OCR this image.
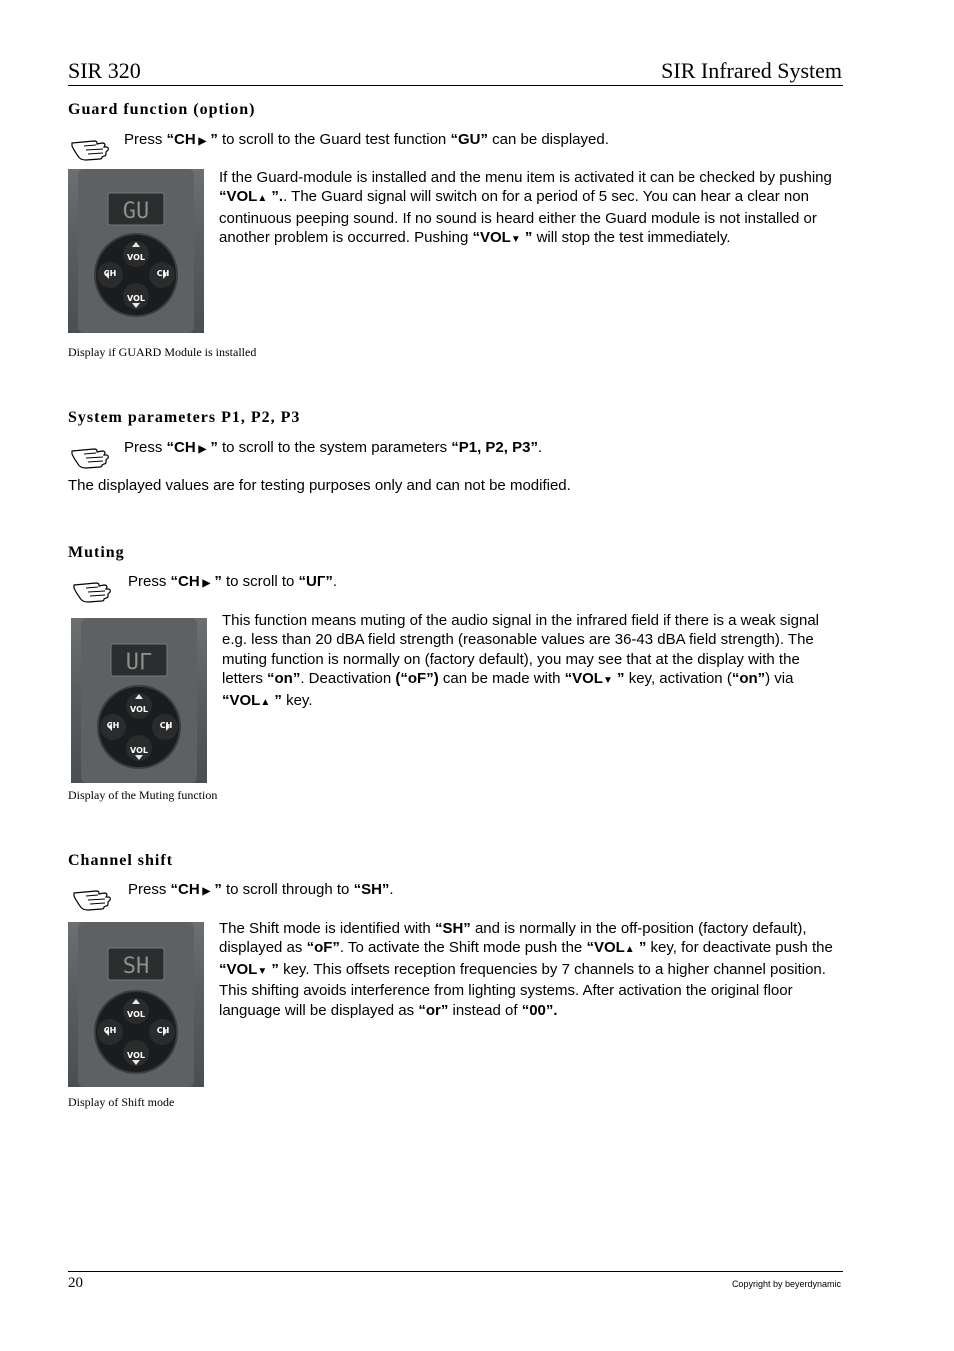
SIR 320	SIR Infrared System
Guard function (option)
Press “CH ▶ ” to scroll to the Guard test function “GU” can be displayed.
GU
VOL
VOL
CH	CH
If the Guard-module is installed and the menu item is activated it can be checked by pushing “VOL▲ ”.. The Guard signal will switch on for a period of 5 sec. You can hear a clear non continuous peeping sound. If no sound is heard either the Guard module is not installed or another problem is occurred. Pushing “VOL▼ ” will stop the test immediately.
Display if GUARD Module is installed
System parameters P1, P2, P3
Press “CH ▶ ” to scroll to the system parameters “P1, P2, P3”.
The displayed values are for testing purposes only and can not be modified.
Muting
Press “CH ▶ ” to scroll to “UГ”.
UΓ
VOL
VOL
CH	CH
This function means muting of the audio signal in the infrared field if there is a weak signal e.g. less than 20 dBA field strength (reasonable values are 36-43 dBA field strength). The muting function is normally on (factory default), you may see that at the display with the letters “on”. Deactivation (“oF”) can be made with “VOL▼ ” key, activation (“on”) via “VOL▲ ” key.
Display of the Muting function
Channel shift
Press “CH ▶ ” to scroll through to “SH”.
SH
VOL
VOL
CH	CH
The Shift mode is identified with “SH” and is normally in the off-position (factory default), displayed as “oF”. To activate the Shift mode push the “VOL▲ ” key, for deactivate push the “VOL▼ ” key. This offsets reception frequencies by 7 channels to a higher channel position. This shifting avoids interference from lighting systems. After activation the original floor language will be displayed as “or” instead of “00”.
Display of Shift mode
20	Copyright by beyerdynamic
